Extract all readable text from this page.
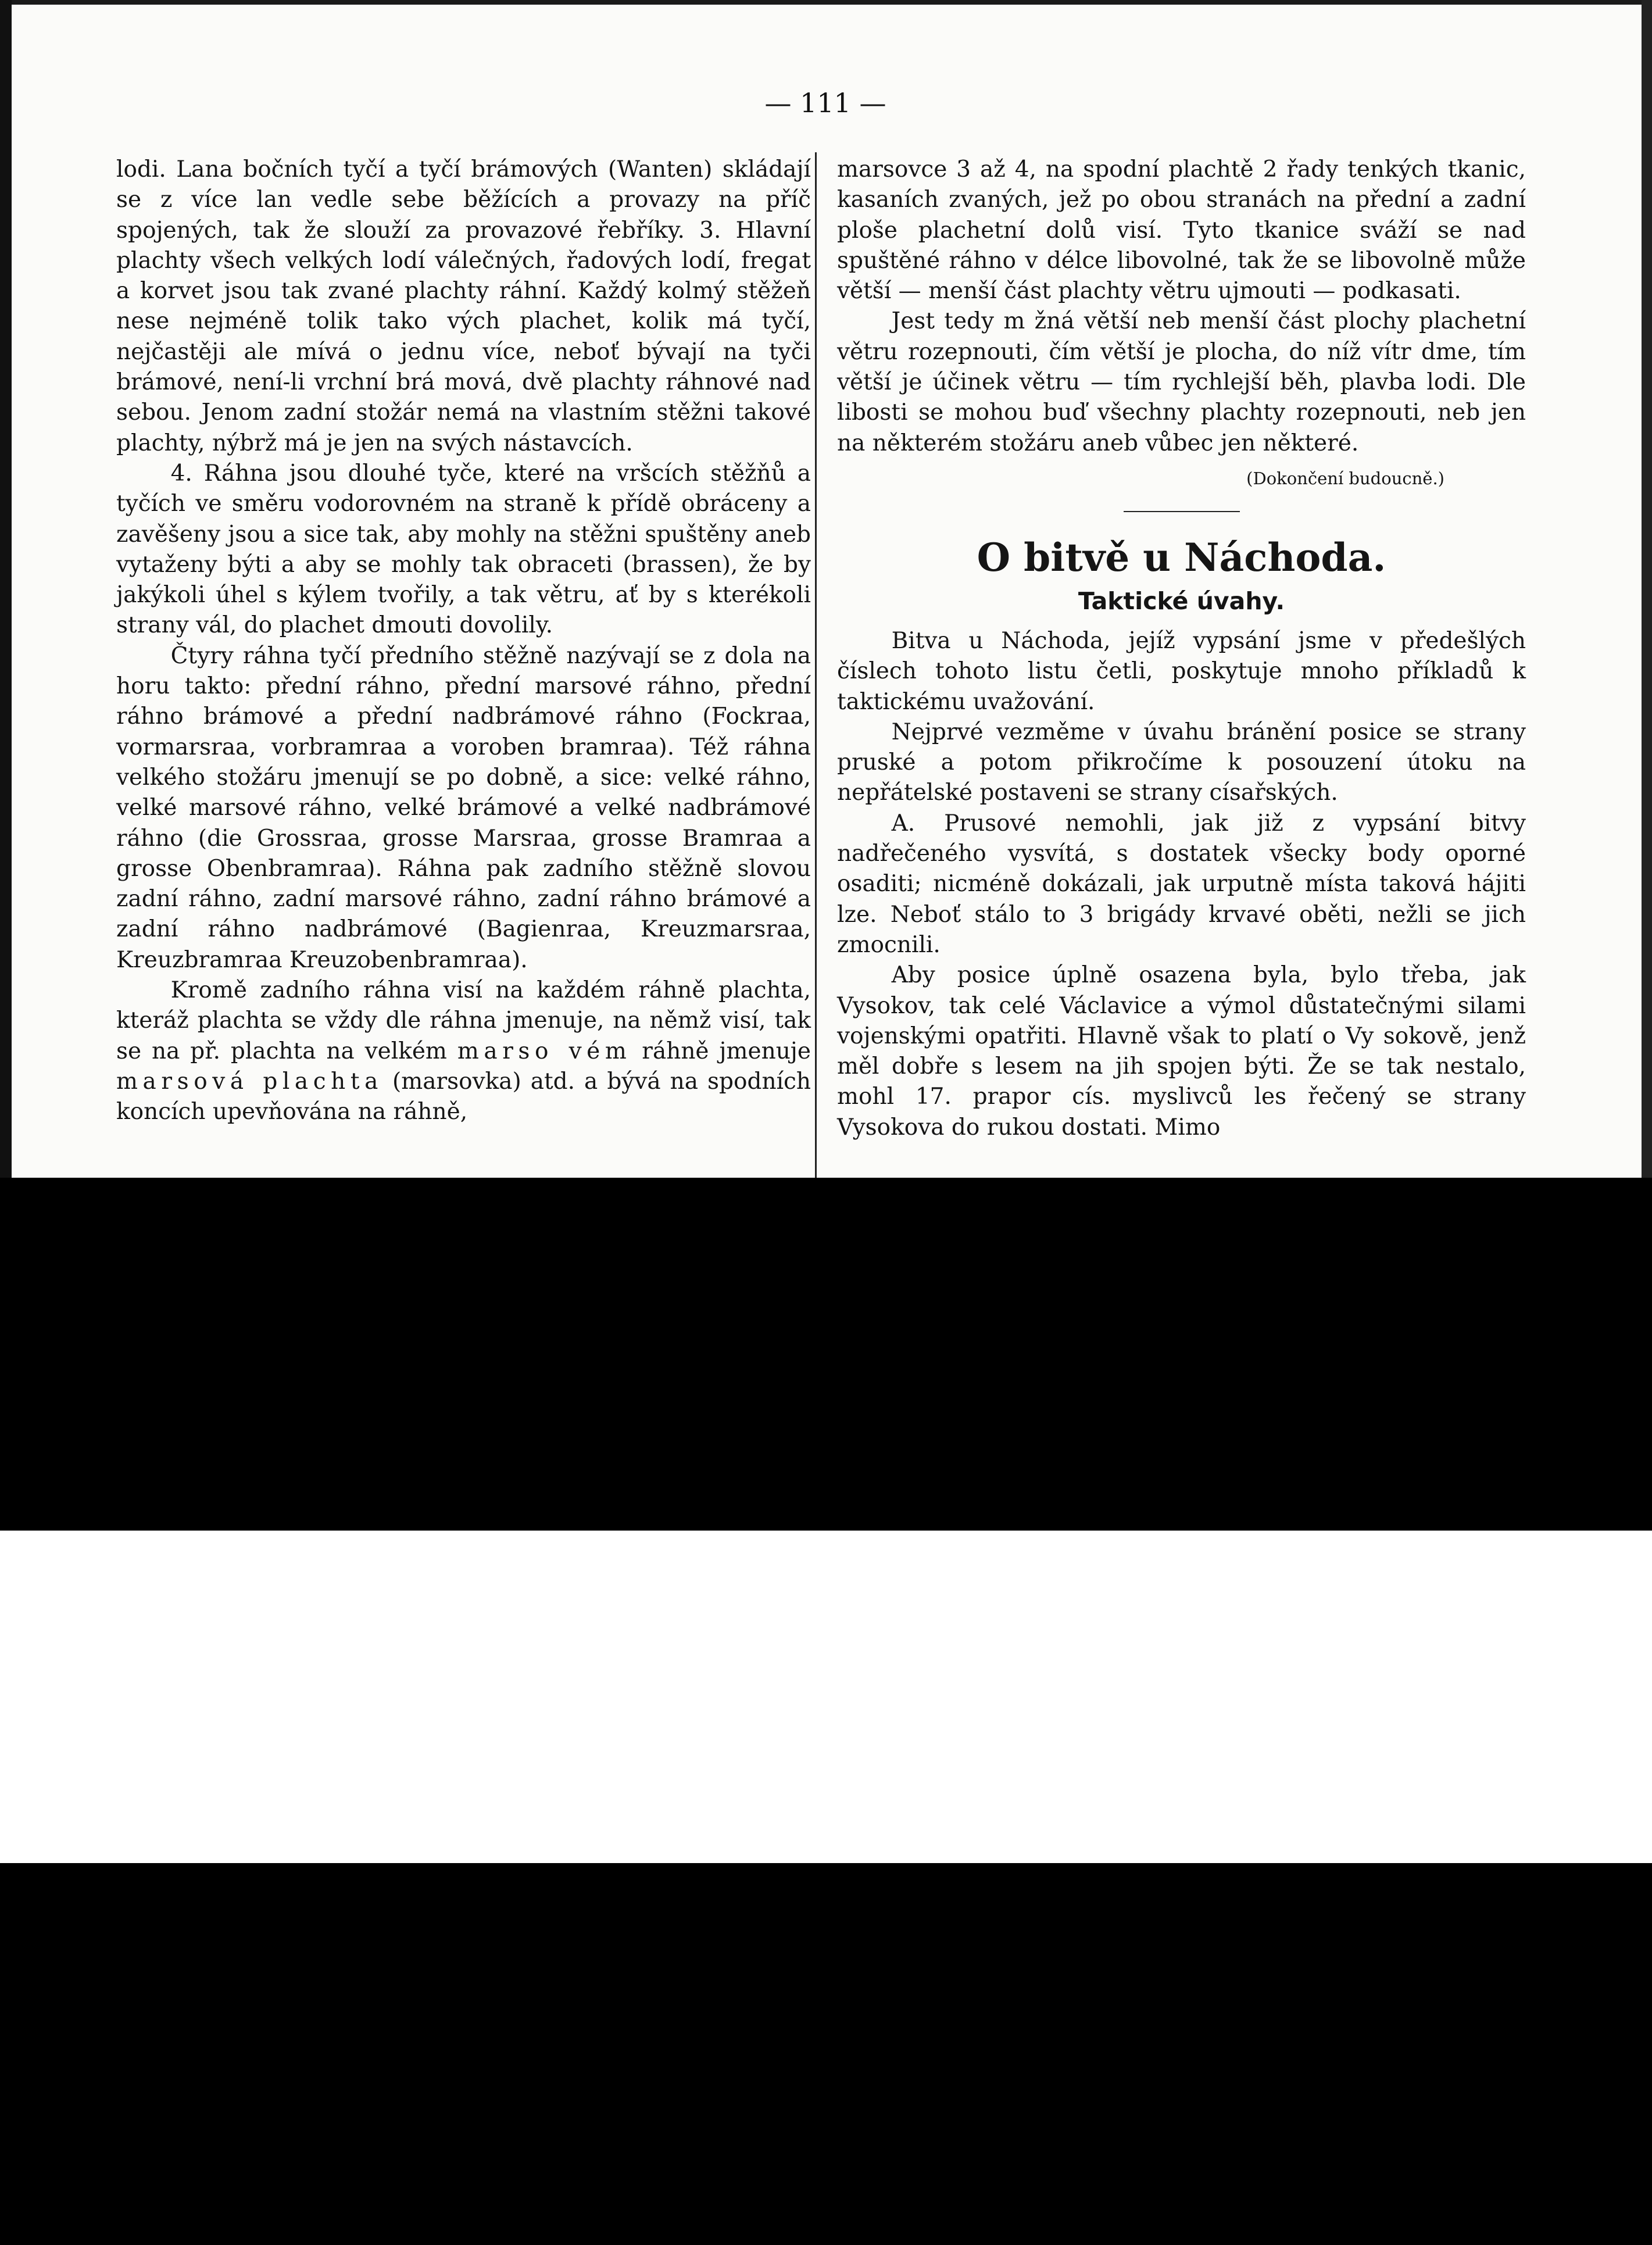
— 111 —

lodi. Lana bočních tyčí a tyčí brámových (Wanten) skládají se z více lan vedle sebe běžících a provazy na příč spojených, tak že slouží za provazové řebříky. 3. Hlavní plachty všech velkých lodí válečných, řadových lodí, fregat a korvet jsou tak zvané plachty ráhní. Každý kolmý stěžeň nese nejméně tolik tako vých plachet, kolik má tyčí, nejčastěji ale mívá o jednu více, neboť bývají na tyči brámové, není-li vrchní brá mová, dvě plachty ráhnové nad sebou. Jenom zadní stožár nemá na vlastním stěžni takové plachty, nýbrž má je jen na svých nástavcích.

4. Ráhna jsou dlouhé tyče, které na vršcích stěžňů a tyčích ve směru vodorovném na straně k přídě obráceny a zavěšeny jsou a sice tak, aby mohly na stěžni spuštěny aneb vytaženy býti a aby se mohly tak obraceti (brassen), že by jakýkoli úhel s kýlem tvořily, a tak větru, ať by s kterékoli strany vál, do plachet dmouti dovolily.

Čtyry ráhna tyčí předního stěžně nazývají se z dola na horu takto: přední ráhno, přední marsové ráhno, přední ráhno brámové a přední nadbrámové ráhno (Fockraa, vormarsraa, vorbramraa a voroben bramraa). Též ráhna velkého stožáru jmenují se po dobně, a sice: velké ráhno, velké marsové ráhno, velké brámové a velké nadbrámové ráhno (die Grossraa, grosse Marsraa, grosse Bramraa a grosse Obenbramraa). Ráhna pak zadního stěžně slovou zadní ráhno, zadní marsové ráhno, zadní ráhno brámové a zadní ráhno nadbrámové (Bagienraa, Kreuzmarsraa, Kreuzbramraa Kreuzobenbramraa).

Kromě zadního ráhna visí na každém ráhně plachta, kteráž plachta se vždy dle ráhna jmenuje, na němž visí, tak se na př. plachta na velkém marso vém ráhně jmenuje marsová plachta (marsovka) atd. a bývá na spodních koncích upevňována na ráhně,

marsovce 3 až 4, na spodní plachtě 2 řady tenkých tkanic, kasaních zvaných, jež po obou stranách na přední a zadní ploše plachetní dolů visí. Tyto tkanice sváží se nad spuštěné ráhno v délce libovolné, tak že se libovolně může větší — menší část plachty větru ujmouti — podkasati.

Jest tedy m žná větší neb menší část plochy plachetní větru rozepnouti, čím větší je plocha, do níž vítr dme, tím větší je účinek větru — tím rychlejší běh, plavba lodi. Dle libosti se mohou buď všechny plachty rozepnouti, neb jen na některém stožáru aneb vůbec jen některé.

(Dokončení budoucně.)

O bitvě u Náchoda.

Taktické úvahy.

Bitva u Náchoda, jejíž vypsání jsme v předešlých číslech tohoto listu četli, poskytuje mnoho příkladů k taktickému uvažování.

Nejprvé vezměme v úvahu bránění posice se strany pruské a potom přikročíme k posouzení útoku na nepřátelské postaveni se strany císařských.

A. Prusové nemohli, jak již z vypsání bitvy nadřečeného vysvítá, s dostatek všecky body oporné osaditi; nicméně dokázali, jak urputně místa taková hájiti lze. Neboť stálo to 3 brigády krvavé oběti, nežli se jich zmocnili.

Aby posice úplně osazena byla, bylo třeba, jak Vysokov, tak celé Václavice a výmol důstatečnými silami vojenskými opatřiti. Hlavně však to platí o Vy sokově, jenž měl dobře s lesem na jih spojen býti. Že se tak nestalo, mohl 17. prapor cís. myslivců les řečený se strany Vysokova do rukou dostati. Mimo
